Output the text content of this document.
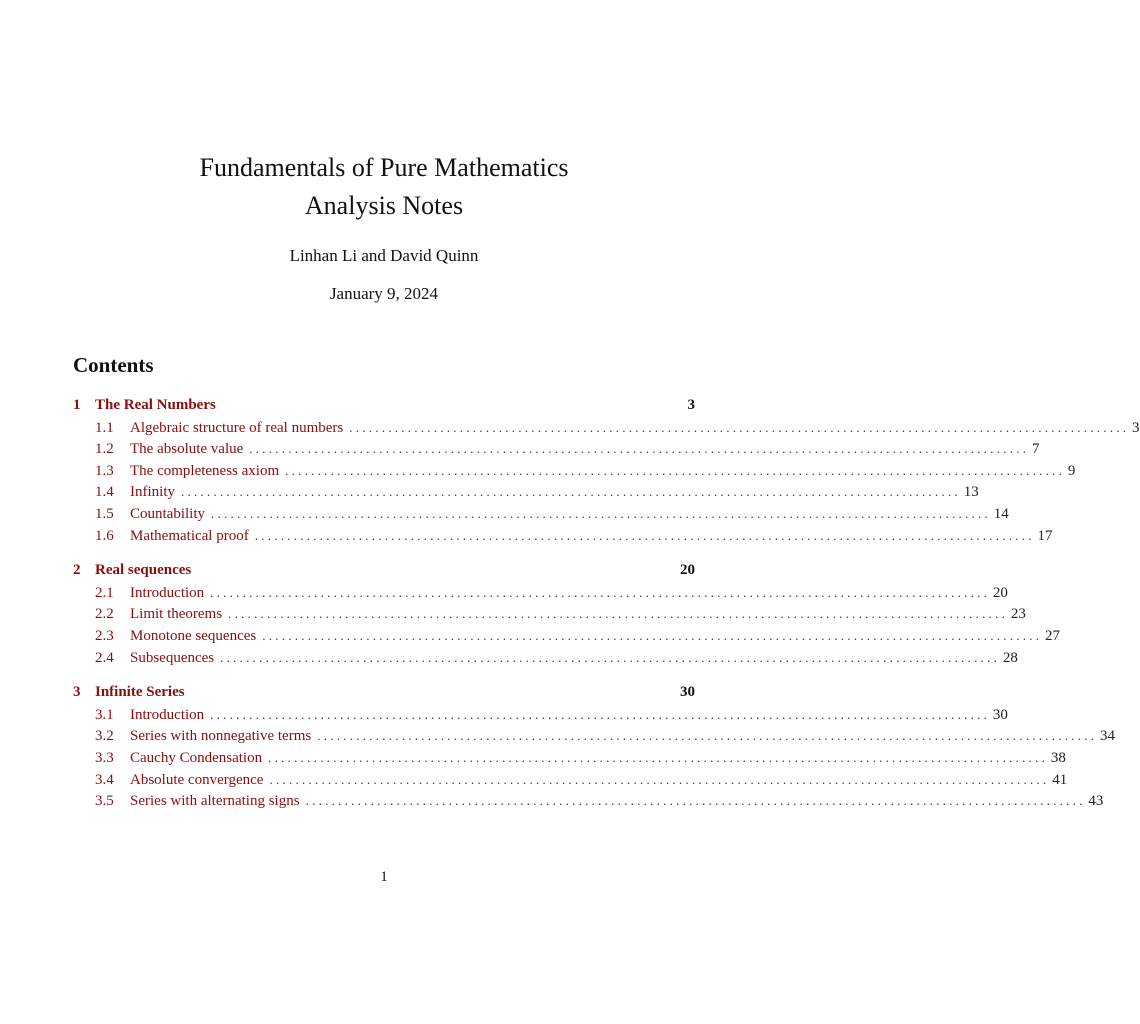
Fundamentals of Pure Mathematics

Analysis Notes

Linhan Li and David Quinn
January 9, 2024
Contents
1 The Real Numbers	3
1.1	Algebraic structure of real numbers . . . . . . . . . . . . . . . . . . . . . . . . . . . . . . . . . . . . . . . . . . . . . . . . . . . . . . . . . . . . . . . . . . . . . . . . . . . . . . . . . . . . . . . . . . . . . . . . . . . . . . . . . . . . . . . . . . . . . . . . 3
1.2	The absolute value . . . . . . . . . . . . . . . . . . . . . . . . . . . . . . . . . . . . . . . . . . . . . . . . . . . . . . . . . . . . . . . . . . . . . . . . . . . . . . . . . . . . . . . . . . . . . . . . . . . . . . . . . . . . . . . . . . . . . . . . 7
1.3	The completeness axiom . . . . . . . . . . . . . . . . . . . . . . . . . . . . . . . . . . . . . . . . . . . . . . . . . . . . . . . . . . . . . . . . . . . . . . . . . . . . . . . . . . . . . . . . . . . . . . . . . . . . . . . . . . . . . . . . . . . . . . . . 9
1.4	Infinity . . . . . . . . . . . . . . . . . . . . . . . . . . . . . . . . . . . . . . . . . . . . . . . . . . . . . . . . . . . . . . . . . . . . . . . . . . . . . . . . . . . . . . . . . . . . . . . . . . . . . . . . . . . . . . . . . . . . . . . . 13
1.5	Countability . . . . . . . . . . . . . . . . . . . . . . . . . . . . . . . . . . . . . . . . . . . . . . . . . . . . . . . . . . . . . . . . . . . . . . . . . . . . . . . . . . . . . . . . . . . . . . . . . . . . . . . . . . . . . . . . . . . . . . . . 14
1.6	Mathematical proof . . . . . . . . . . . . . . . . . . . . . . . . . . . . . . . . . . . . . . . . . . . . . . . . . . . . . . . . . . . . . . . . . . . . . . . . . . . . . . . . . . . . . . . . . . . . . . . . . . . . . . . . . . . . . . . . . . . . . . . . 17
2 Real sequences	20
2.1	Introduction . . . . . . . . . . . . . . . . . . . . . . . . . . . . . . . . . . . . . . . . . . . . . . . . . . . . . . . . . . . . . . . . . . . . . . . . . . . . . . . . . . . . . . . . . . . . . . . . . . . . . . . . . . . . . . . . . . . . . . . . 20
2.2	Limit theorems . . . . . . . . . . . . . . . . . . . . . . . . . . . . . . . . . . . . . . . . . . . . . . . . . . . . . . . . . . . . . . . . . . . . . . . . . . . . . . . . . . . . . . . . . . . . . . . . . . . . . . . . . . . . . . . . . . . . . . . . 23
2.3	Monotone sequences . . . . . . . . . . . . . . . . . . . . . . . . . . . . . . . . . . . . . . . . . . . . . . . . . . . . . . . . . . . . . . . . . . . . . . . . . . . . . . . . . . . . . . . . . . . . . . . . . . . . . . . . . . . . . . . . . . . . . . . . 27
2.4	Subsequences . . . . . . . . . . . . . . . . . . . . . . . . . . . . . . . . . . . . . . . . . . . . . . . . . . . . . . . . . . . . . . . . . . . . . . . . . . . . . . . . . . . . . . . . . . . . . . . . . . . . . . . . . . . . . . . . . . . . . . . . 28
3 Infinite Series	30
3.1	Introduction . . . . . . . . . . . . . . . . . . . . . . . . . . . . . . . . . . . . . . . . . . . . . . . . . . . . . . . . . . . . . . . . . . . . . . . . . . . . . . . . . . . . . . . . . . . . . . . . . . . . . . . . . . . . . . . . . . . . . . . . 30
3.2	Series with nonnegative terms . . . . . . . . . . . . . . . . . . . . . . . . . . . . . . . . . . . . . . . . . . . . . . . . . . . . . . . . . . . . . . . . . . . . . . . . . . . . . . . . . . . . . . . . . . . . . . . . . . . . . . . . . . . . . . . . . . . . . . . . 34
3.3	Cauchy Condensation . . . . . . . . . . . . . . . . . . . . . . . . . . . . . . . . . . . . . . . . . . . . . . . . . . . . . . . . . . . . . . . . . . . . . . . . . . . . . . . . . . . . . . . . . . . . . . . . . . . . . . . . . . . . . . . . . . . . . . . . 38
3.4	Absolute convergence . . . . . . . . . . . . . . . . . . . . . . . . . . . . . . . . . . . . . . . . . . . . . . . . . . . . . . . . . . . . . . . . . . . . . . . . . . . . . . . . . . . . . . . . . . . . . . . . . . . . . . . . . . . . . . . . . . . . . . . . 41
3.5	Series with alternating signs . . . . . . . . . . . . . . . . . . . . . . . . . . . . . . . . . . . . . . . . . . . . . . . . . . . . . . . . . . . . . . . . . . . . . . . . . . . . . . . . . . . . . . . . . . . . . . . . . . . . . . . . . . . . . . . . . . . . . . . . 43
1
